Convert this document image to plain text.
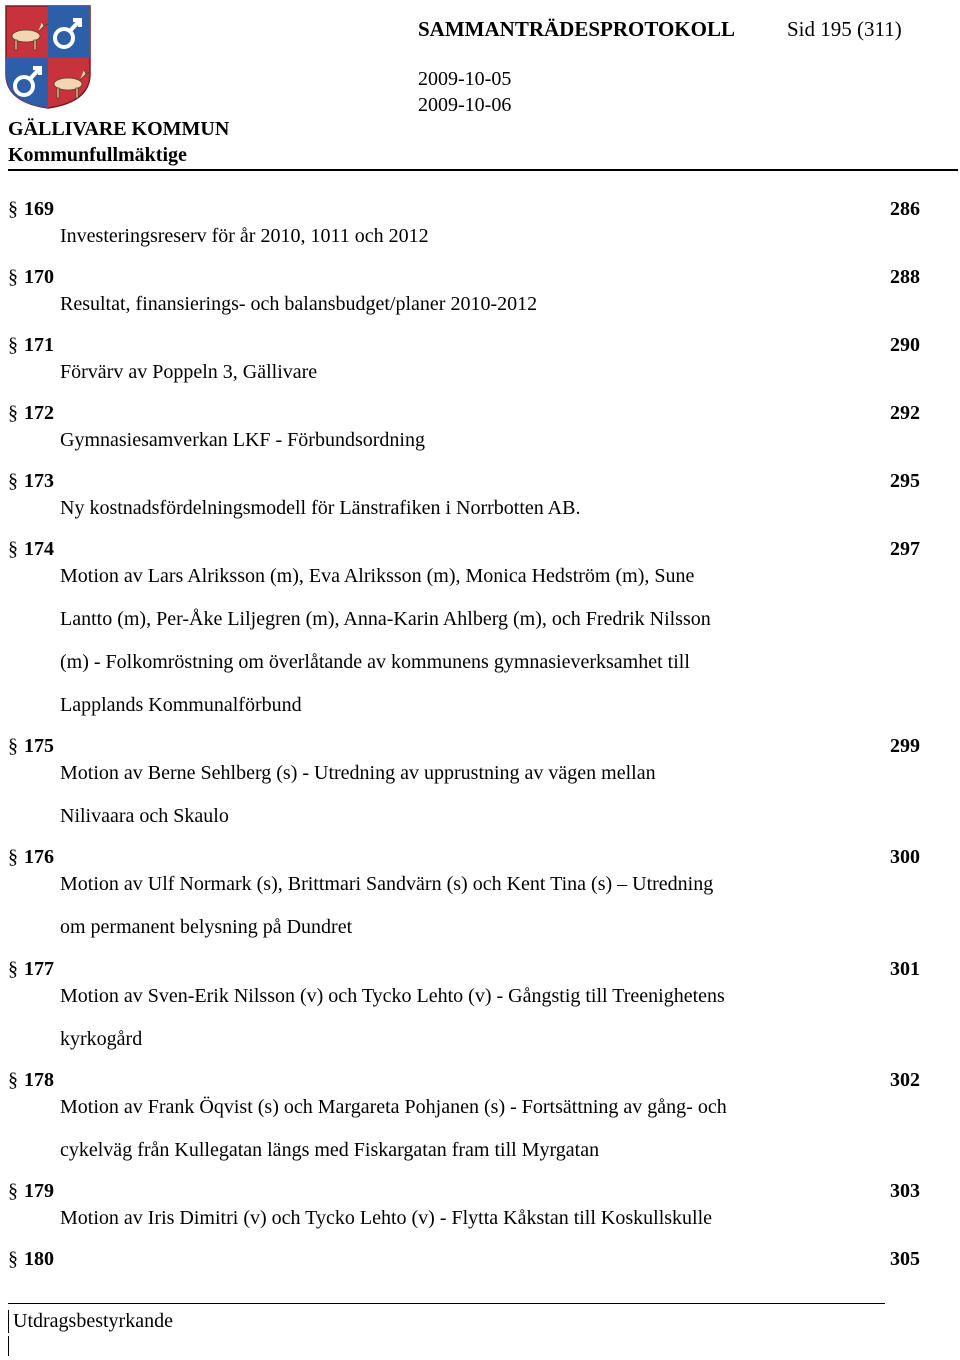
GÄLLIVARE KOMMUN
Kommunfullmäktige
SAMMANTRÄDESPROTOKOLL Sid 195 (311)
2009-10-05
2009-10-06
§ 169	286
Investeringsreserv för år 2010, 1011 och 2012
§ 170	288
Resultat, finansierings- och balansbudget/planer 2010-2012
§ 171	290
Förvärv av Poppeln 3, Gällivare
§ 172	292
Gymnasiesamverkan LKF - Förbundsordning
§ 173	295
Ny kostnadsfördelningsmodell för Länstrafiken i Norrbotten AB.
§ 174	297
Motion av Lars Alriksson (m), Eva Alriksson (m), Monica Hedström (m), Sune
Lantto (m), Per-Åke Liljegren (m), Anna-Karin Ahlberg (m), och Fredrik Nilsson
(m) - Folkomröstning om överlåtande av kommunens gymnasieverksamhet till
Lapplands Kommunalförbund
§ 175	299
Motion av Berne Sehlberg (s) - Utredning av upprustning av vägen mellan
Nilivaara och Skaulo
§ 176	300
Motion av Ulf Normark (s), Brittmari Sandvärn (s) och Kent Tina (s) – Utredning
om permanent belysning på Dundret
§ 177	301
Motion av Sven-Erik Nilsson (v) och Tycko Lehto (v) - Gångstig till Treenighetens
kyrkogård
§ 178	302
Motion av Frank Öqvist (s) och Margareta Pohjanen (s) - Fortsättning av gång- och
cykelväg från Kullegatan längs med Fiskargatan fram till Myrgatan
§ 179	303
Motion av Iris Dimitri (v) och Tycko Lehto (v) - Flytta Kåkstan till Koskullskulle
§ 180	305
Utdragsbestyrkande
